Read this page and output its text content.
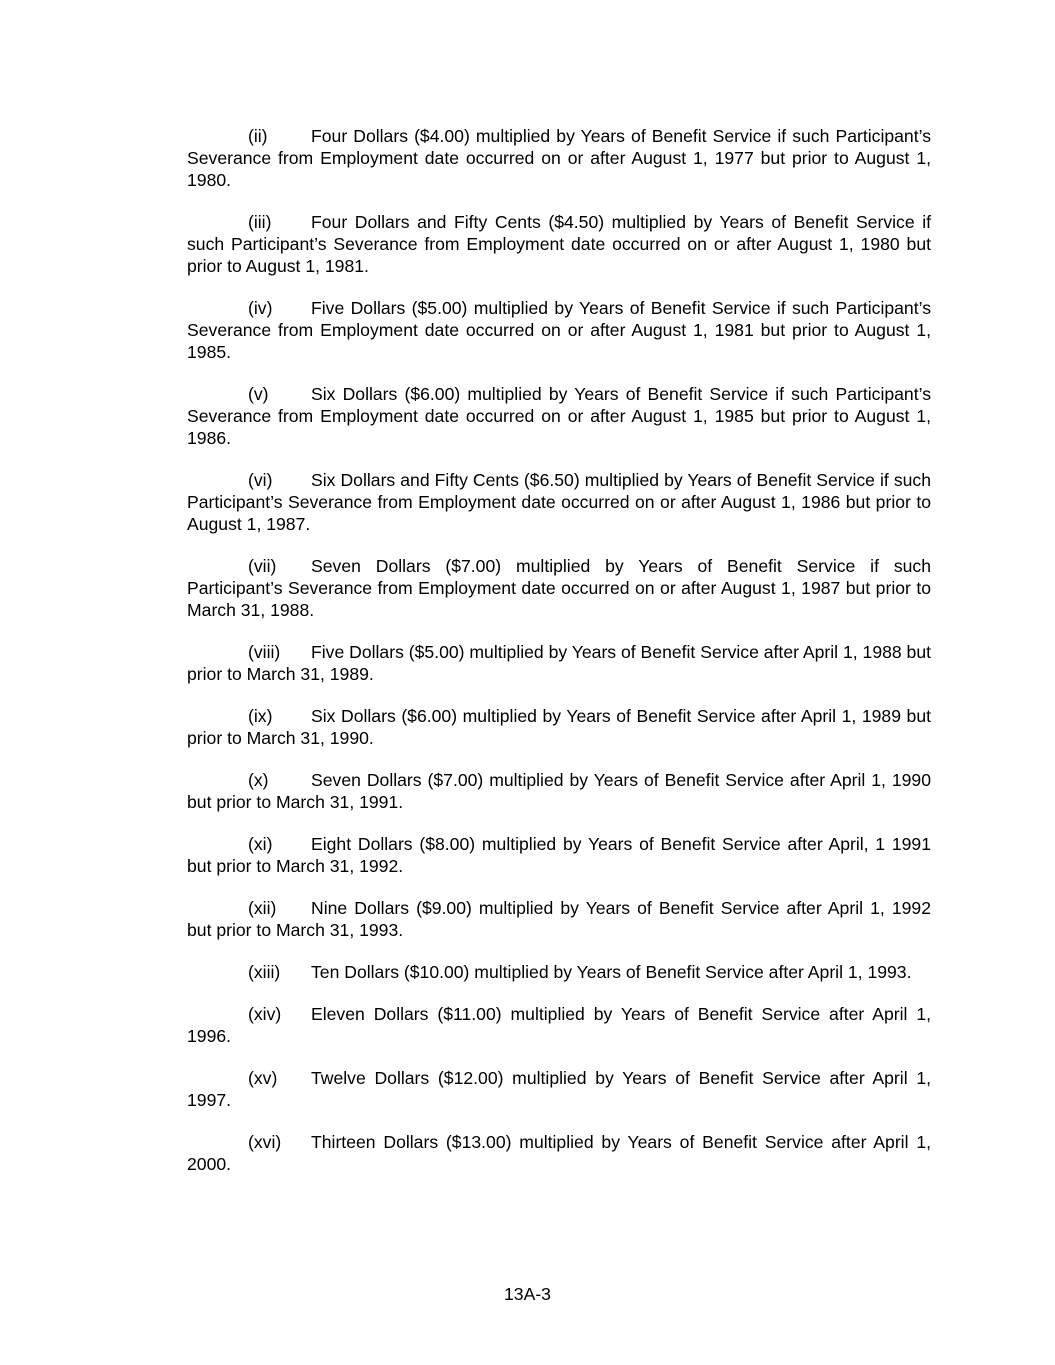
(ii) Four Dollars ($4.00) multiplied by Years of Benefit Service if such Participant’s Severance from Employment date occurred on or after August 1, 1977 but prior to August 1, 1980.

(iii) Four Dollars and Fifty Cents ($4.50) multiplied by Years of Benefit Service if such Participant’s Severance from Employment date occurred on or after August 1, 1980 but prior to August 1, 1981.

(iv) Five Dollars ($5.00) multiplied by Years of Benefit Service if such Participant’s Severance from Employment date occurred on or after August 1, 1981 but prior to August 1, 1985.

(v) Six Dollars ($6.00) multiplied by Years of Benefit Service if such Participant’s Severance from Employment date occurred on or after August 1, 1985 but prior to August 1, 1986.

(vi) Six Dollars and Fifty Cents ($6.50) multiplied by Years of Benefit Service if such Participant’s Severance from Employment date occurred on or after August 1, 1986 but prior to August 1, 1987.

(vii) Seven Dollars ($7.00) multiplied by Years of Benefit Service if such Participant’s Severance from Employment date occurred on or after August 1, 1987 but prior to March 31, 1988.

(viii) Five Dollars ($5.00) multiplied by Years of Benefit Service after April 1, 1988 but prior to March 31, 1989.

(ix) Six Dollars ($6.00) multiplied by Years of Benefit Service after April 1, 1989 but prior to March 31, 1990.

(x) Seven Dollars ($7.00) multiplied by Years of Benefit Service after April 1, 1990 but prior to March 31, 1991.

(xi) Eight Dollars ($8.00) multiplied by Years of Benefit Service after April, 1 1991 but prior to March 31, 1992.

(xii) Nine Dollars ($9.00) multiplied by Years of Benefit Service after April 1, 1992 but prior to March 31, 1993.

(xiii) Ten Dollars ($10.00) multiplied by Years of Benefit Service after April 1, 1993.

(xiv) Eleven Dollars ($11.00) multiplied by Years of Benefit Service after April 1, 1996.

(xv) Twelve Dollars ($12.00) multiplied by Years of Benefit Service after April 1, 1997.

(xvi) Thirteen Dollars ($13.00) multiplied by Years of Benefit Service after April 1, 2000.

13A-3
